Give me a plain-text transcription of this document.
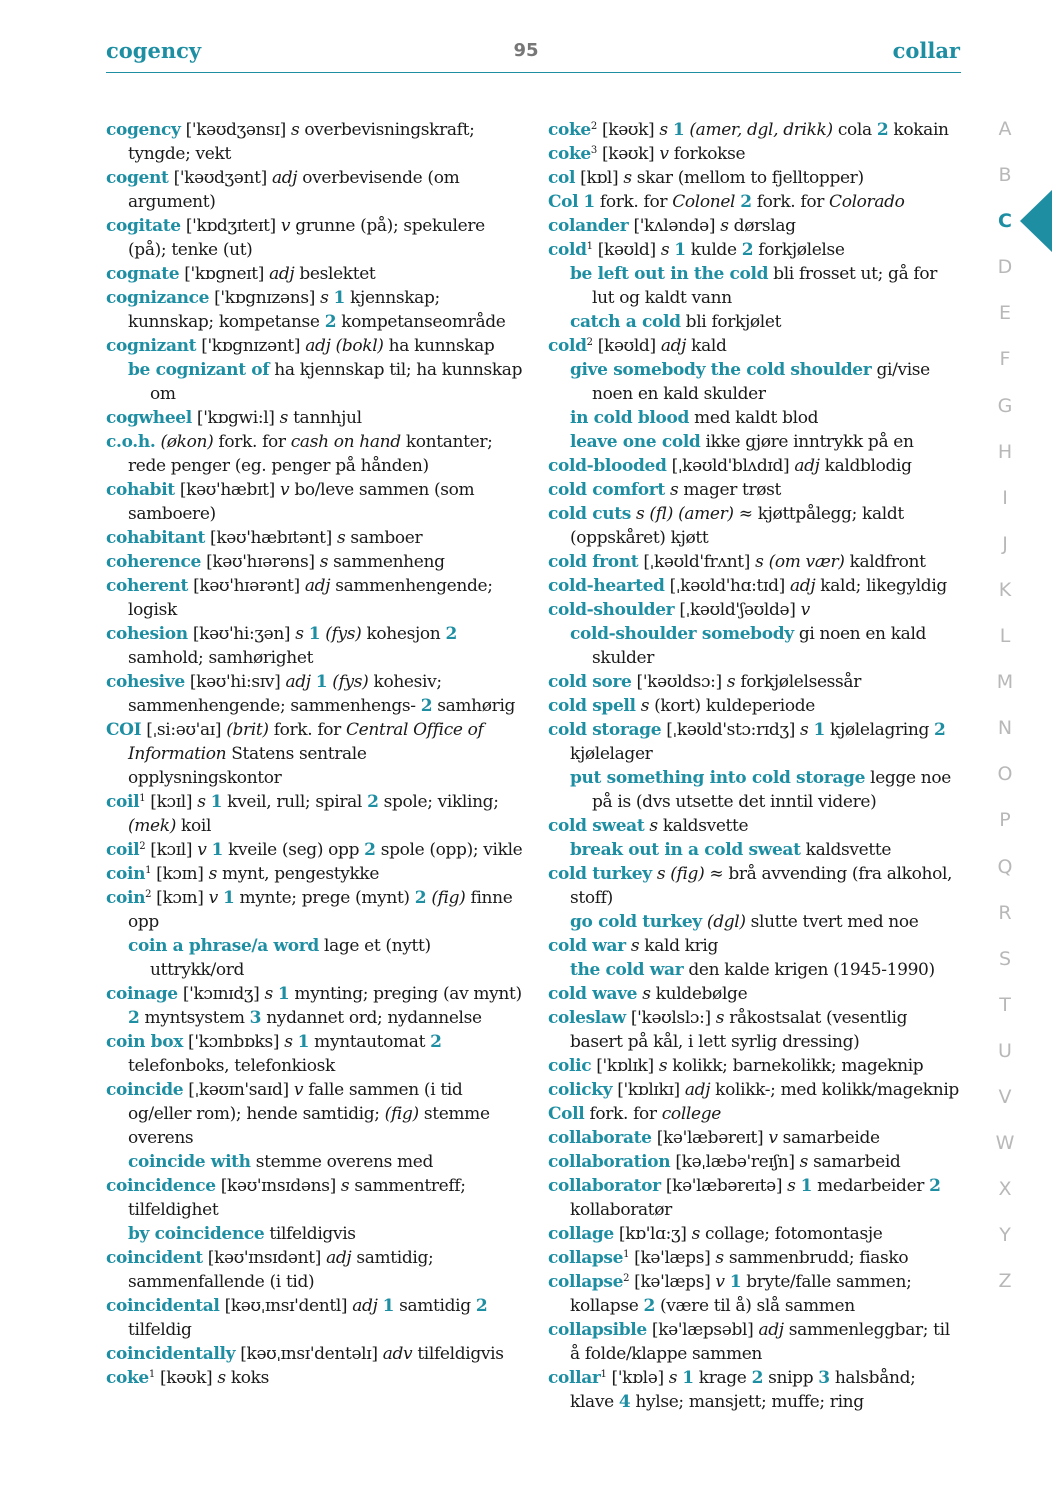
cogency	95	collar

cogency ['kəʊdʒənsɪ] s overbevisningskraft; tyngde; vekt

cogent ['kəʊdʒənt] adj overbevisende (om argument)

cogitate ['kɒdʒɪteɪt] v grunne (på); spekulere (på); tenke (ut)

cognate ['kɒgneɪt] adj beslektet

cognizance ['kɒgnɪzəns] s 1 kjennskap; kunnskap; kompetanse 2 kompetanseområde

cognizant ['kɒgnɪzənt] adj (bokl) ha kunnskap

be cognizant of ha kjennskap til; ha kunnskap om

cogwheel ['kɒgwi:l] s tannhjul

c.o.h. (økon) fork. for cash on hand kontanter; rede penger (eg. penger på hånden)

cohabit [kəʊ'hæbɪt] v bo/leve sammen (som samboere)

cohabitant [kəʊ'hæbɪtənt] s samboer

coherence [kəʊ'hɪərəns] s sammenheng

coherent [kəʊ'hɪərənt] adj sammenhengende; logisk

cohesion [kəʊ'hi:ʒən] s 1 (fys) kohesjon 2 samhold; samhørighet

cohesive [kəʊ'hi:sɪv] adj 1 (fys) kohesiv; sammenhengende; sammenhengs- 2 samhørig

COI [ˌsi:əʊ'aɪ] (brit) fork. for Central Office of Information Statens sentrale opplysningskontor

coil$^1$ [kɔɪl] s 1 kveil, rull; spiral 2 spole; vikling; (mek) koil

coil$^2$ [kɔɪl] v 1 kveile (seg) opp 2 spole (opp); vikle

coin$^1$ [kɔɪn] s mynt, pengestykke

coin$^2$ [kɔɪn] v 1 mynte; prege (mynt) 2 (fig) finne opp

coin a phrase/a word lage et (nytt) uttrykk/ord

coinage ['kɔɪnɪdʒ] s 1 mynting; preging (av mynt) 2 myntsystem 3 nydannet ord; nydannelse

coin box ['kɔɪnbɒks] s 1 myntautomat 2 telefonboks, telefonkiosk

coincide [ˌkəʊɪn'saɪd] v falle sammen (i tid og/eller rom); hende samtidig; (fig) stemme overens

coincide with stemme overens med

coincidence [kəʊ'ɪnsɪdəns] s sammentreff; tilfeldighet

by coincidence tilfeldigvis

coincident [kəʊ'ɪnsɪdənt] adj samtidig; sammenfallende (i tid)

coincidental [kəʊˌɪnsɪ'dentl] adj 1 samtidig 2 tilfeldig

coincidentally [kəʊˌɪnsɪ'dentəlɪ] adv tilfeldigvis

coke$^1$ [kəʊk] s koks

coke$^2$ [kəʊk] s 1 (amer, dgl, drikk) cola 2 kokain

coke$^3$ [kəʊk] v forkokse

col [kɒl] s skar (mellom to fjelltopper)

Col 1 fork. for Colonel 2 fork. for Colorado

colander ['kʌləndə] s dørslag

cold$^1$ [kəʊld] s 1 kulde 2 forkjølelse

be left out in the cold bli frosset ut; gå for lut og kaldt vann

catch a cold bli forkjølet

cold$^2$ [kəʊld] adj kald

give somebody the cold shoulder gi/vise noen en kald skulder

in cold blood med kaldt blod

leave one cold ikke gjøre inntrykk på en

cold-blooded [ˌkəʊld'blʌdɪd] adj kaldblodig

cold comfort s mager trøst

cold cuts s (fl) (amer) ≈ kjøttpålegg; kaldt (oppskåret) kjøtt

cold front [ˌkəʊld'frʌnt] s (om vær) kaldfront

cold-hearted [ˌkəʊld'hɑ:tɪd] adj kald; likegyldig

cold-shoulder [ˌkəʊld'ʃəʊldə] v

cold-shoulder somebody gi noen en kald skulder

cold sore ['kəʊldsɔ:] s forkjølelsessår

cold spell s (kort) kuldeperiode

cold storage [ˌkəʊld'stɔ:rɪdʒ] s 1 kjølelagring 2 kjølelager

put something into cold storage legge noe på is (dvs utsette det inntil videre)

cold sweat s kaldsvette

break out in a cold sweat kaldsvette

cold turkey s (fig) ≈ brå avvending (fra alkohol, stoff)

go cold turkey (dgl) slutte tvert med noe

cold war s kald krig

the cold war den kalde krigen (1945-1990)

cold wave s kuldebølge

coleslaw ['kəʊlslɔ:] s råkostsalat (vesentlig basert på kål, i lett syrlig dressing)

colic ['kɒlɪk] s kolikk; barnekolikk; mageknip

colicky ['kɒlɪkɪ] adj kolikk-; med kolikk/mageknip

Coll fork. for college

collaborate [kə'læbəreɪt] v samarbeide

collaboration [kəˌlæbə'reɪʃn] s samarbeid

collaborator [kə'læbəreɪtə] s 1 medarbeider 2 kollaboratør

collage [kɒ'lɑ:ʒ] s collage; fotomontasje

collapse$^1$ [kə'læps] s sammenbrudd; fiasko

collapse$^2$ [kə'læps] v 1 bryte/falle sammen; kollapse 2 (være til å) slå sammen

collapsible [kə'læpsəbl] adj sammenleggbar; til å folde/klappe sammen

collar$^1$ ['kɒlə] s 1 krage 2 snipp 3 halsbånd; klave 4 hylse; mansjett; muffe; ring

A
B
C
D
E
F
G
H
I
J
K
L
M
N
O
P
Q
R
S
T
U
V
W
X
Y
Z
